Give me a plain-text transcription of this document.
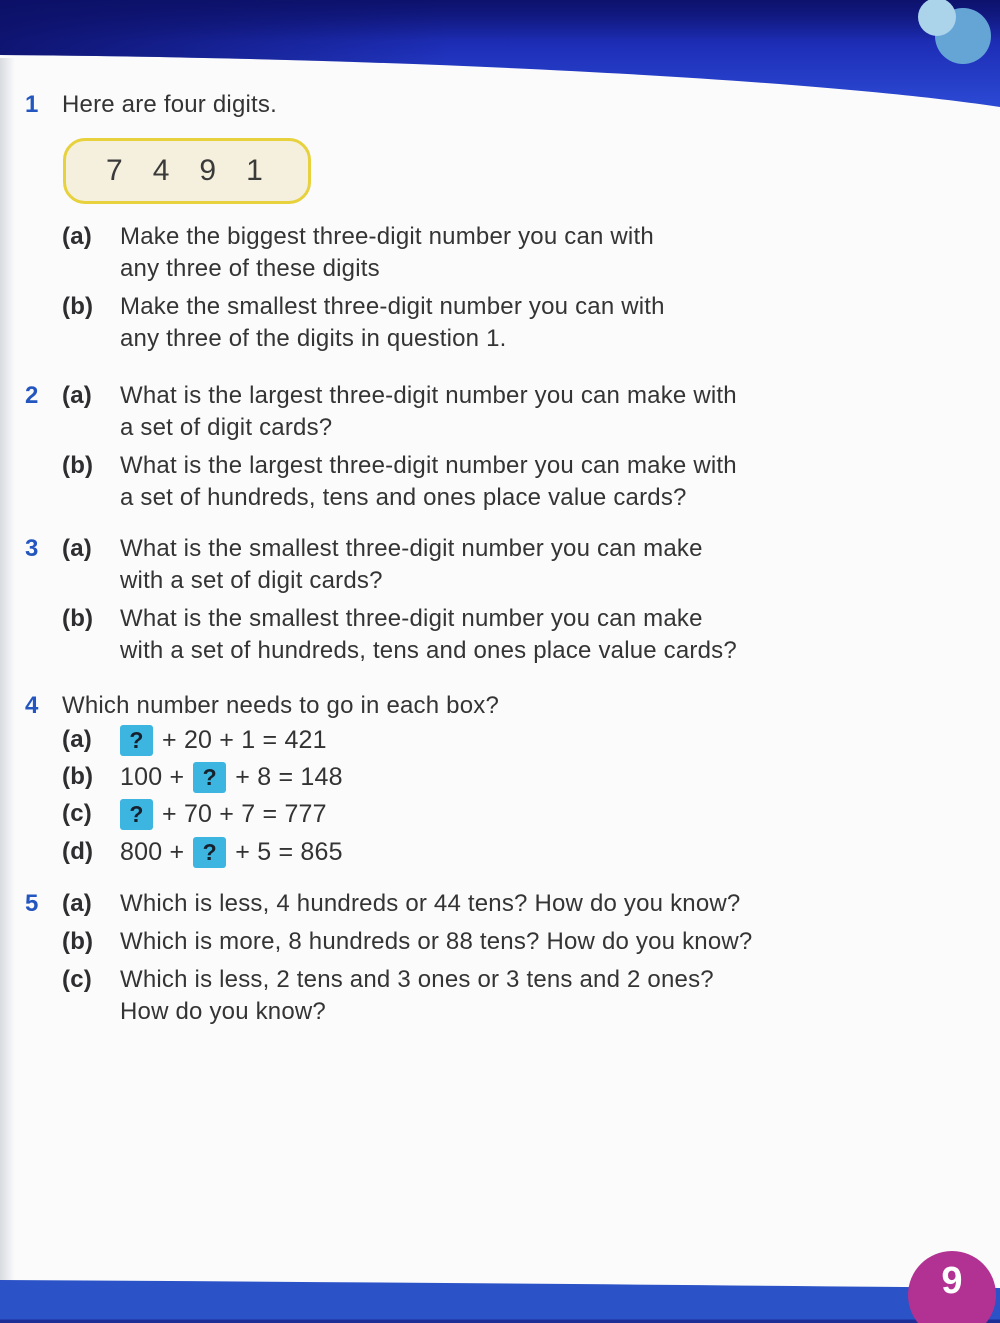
1 Here are four digits.
7 4 9 1
(a)	Make the biggest three-digit number you can with
any three of these digits
(b)	Make the smallest three-digit number you can with
any three of the digits in question 1.
2 (a)	What is the largest three-digit number you can make with
a set of digit cards?
(b)	What is the largest three-digit number you can make with
a set of hundreds, tens and ones place value cards?
3 (a)	What is the smallest three-digit number you can make
with a set of digit cards?
(b)	What is the smallest three-digit number you can make
with a set of hundreds, tens and ones place value cards?
4 Which number needs to go in each box?
(a)	? + 20 + 1 = 421
(b)	100 + ? + 8 = 148
(c)	? + 70 + 7 = 777
(d)	800 + ? + 5 = 865
5 (a)	Which is less, 4 hundreds or 44 tens? How do you know?
(b)	Which is more, 8 hundreds or 88 tens? How do you know?
(c)	Which is less, 2 tens and 3 ones or 3 tens and 2 ones?
How do you know?
9
